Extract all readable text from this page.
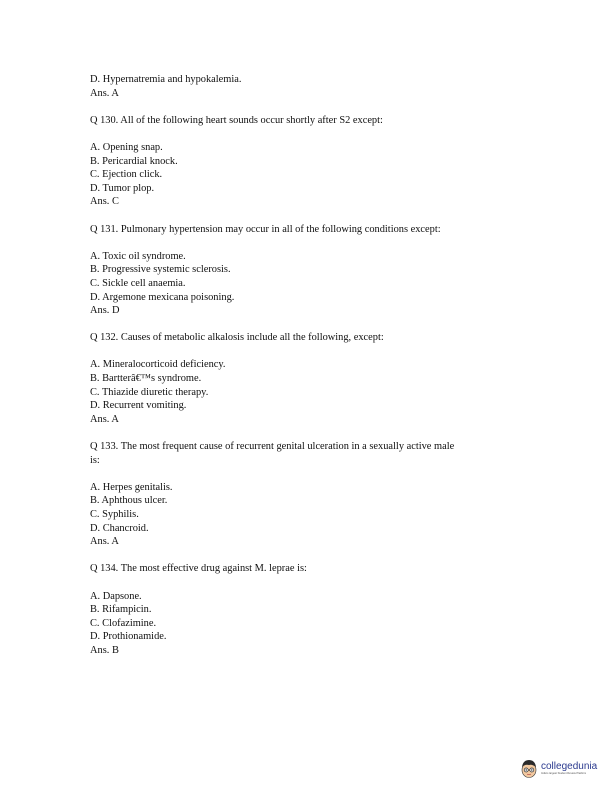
D. Hypernatremia and hypokalemia.
Ans. A
Q 130. All of the following heart sounds occur shortly after S2 except:
A. Opening snap.
B. Pericardial knock.
C. Ejection click.
D. Tumor plop.
Ans. C
Q 131. Pulmonary hypertension may occur in all of the following conditions except:
A. Toxic oil syndrome.
B. Progressive systemic sclerosis.
C. Sickle cell anaemia.
D. Argemone mexicana poisoning.
Ans. D
Q 132. Causes of metabolic alkalosis include all the following, except:
A. Mineralocorticoid deficiency.
B. Bartterâ€™s syndrome.
C. Thiazide diuretic therapy.
D. Recurrent vomiting.
Ans. A
Q 133. The most frequent cause of recurrent genital ulceration in a sexually active male
is:
A. Herpes genitalis.
B. Aphthous ulcer.
C. Syphilis.
D. Chancroid.
Ans. A
Q 134. The most effective drug against M. leprae is:
A. Dapsone.
B. Rifampicin.
C. Clofazimine.
D. Prothionamide.
Ans. B
collegedunia
India's largest Student Review Platform
